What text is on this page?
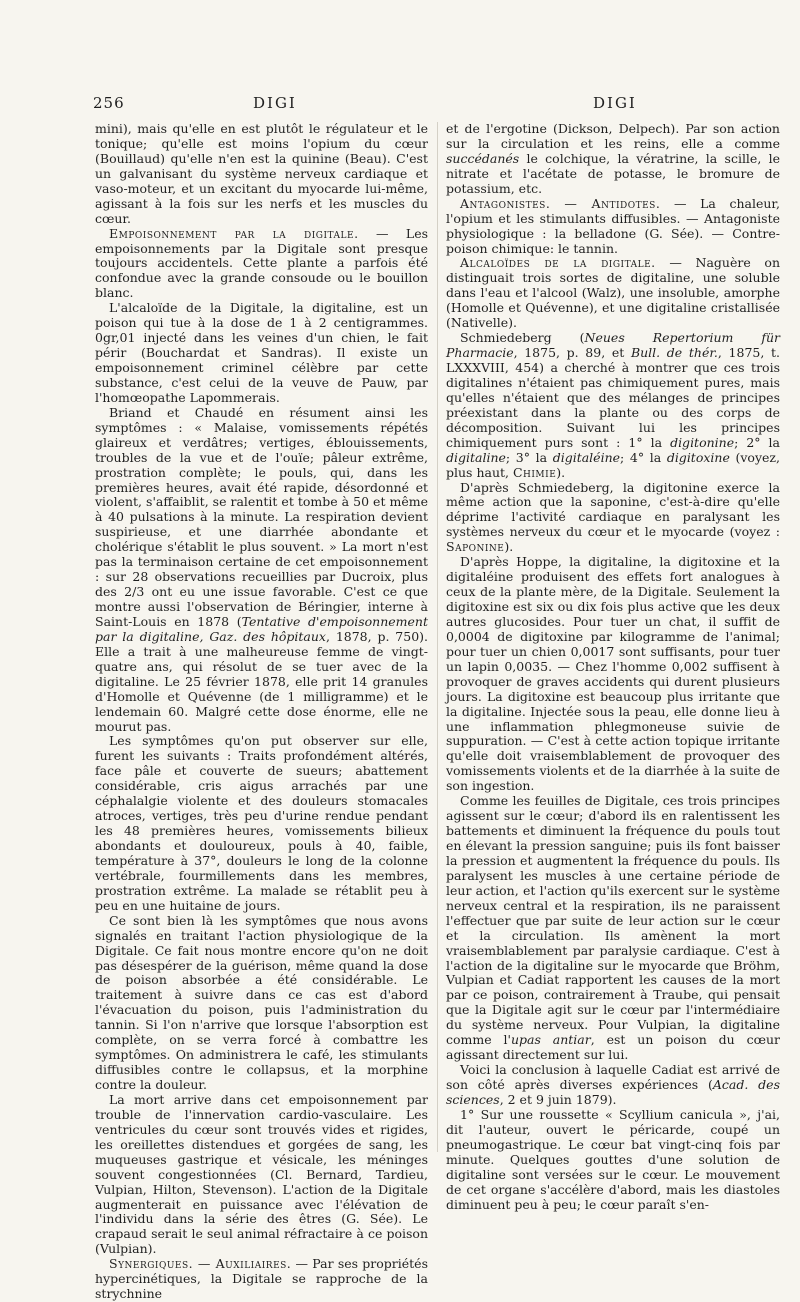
256	DIGI	DIGI

mini), mais qu'elle en est plutôt le régulateur et le tonique; qu'elle est moins l'opium du cœur (Bouillaud) qu'elle n'en est la quinine (Beau). C'est un galvanisant du système nerveux cardiaque et vaso-moteur, et un excitant du myocarde lui-même, agissant à la fois sur les nerfs et les muscles du cœur.

Empoisonnement par la digitale. — Les empoisonnements par la Digitale sont presque toujours accidentels. Cette plante a parfois été confondue avec la grande consoude ou le bouillon blanc.

L'alcaloïde de la Digitale, la digitaline, est un poison qui tue à la dose de 1 à 2 centigrammes. 0gr,01 injecté dans les veines d'un chien, le fait périr (Bouchardat et Sandras). Il existe un empoisonnement criminel célèbre par cette substance, c'est celui de la veuve de Pauw, par l'homœopathe Lapommerais.

Briand et Chaudé en résument ainsi les symptômes : « Malaise, vomissements répétés glaireux et verdâtres; vertiges, éblouissements, troubles de la vue et de l'ouïe; pâleur extrême, prostration complète; le pouls, qui, dans les premières heures, avait été rapide, désordonné et violent, s'affaiblit, se ralentit et tombe à 50 et même à 40 pulsations à la minute. La respiration devient suspirieuse, et une diarrhée abondante et cholérique s'établit le plus souvent. » La mort n'est pas la terminaison certaine de cet empoisonnement : sur 28 observations recueillies par Ducroix, plus des 2/3 ont eu une issue favorable. C'est ce que montre aussi l'observation de Béringier, interne à Saint-Louis en 1878 (Tentative d'empoisonnement par la digitaline, Gaz. des hôpitaux, 1878, p. 750). Elle a trait à une malheureuse femme de vingt-quatre ans, qui résolut de se tuer avec de la digitaline. Le 25 février 1878, elle prit 14 granules d'Homolle et Quévenne (de 1 milligramme) et le lendemain 60. Malgré cette dose énorme, elle ne mourut pas.

Les symptômes qu'on put observer sur elle, furent les suivants : Traits profondément altérés, face pâle et couverte de sueurs; abattement considérable, cris aigus arrachés par une céphalalgie violente et des douleurs stomacales atroces, vertiges, très peu d'urine rendue pendant les 48 premières heures, vomissements bilieux abondants et douloureux, pouls à 40, faible, température à 37°, douleurs le long de la colonne vertébrale, fourmillements dans les membres, prostration extrême. La malade se rétablit peu à peu en une huitaine de jours.

Ce sont bien là les symptômes que nous avons signalés en traitant l'action physiologique de la Digitale. Ce fait nous montre encore qu'on ne doit pas désespérer de la guérison, même quand la dose de poison absorbée a été considérable. Le traitement à suivre dans ce cas est d'abord l'évacuation du poison, puis l'administration du tannin. Si l'on n'arrive que lorsque l'absorption est complète, on se verra forcé à combattre les symptômes. On administrera le café, les stimulants diffusibles contre le collapsus, et la morphine contre la douleur.

La mort arrive dans cet empoisonnement par trouble de l'innervation cardio-vasculaire. Les ventricules du cœur sont trouvés vides et rigides, les oreillettes distendues et gorgées de sang, les muqueuses gastrique et vésicale, les méninges souvent congestionnées (Cl. Bernard, Tardieu, Vulpian, Hilton, Stevenson). L'action de la Digitale augmenterait en puissance avec l'élévation de l'individu dans la série des êtres (G. Sée). Le crapaud serait le seul animal réfractaire à ce poison (Vulpian).

Synergiques. — Auxiliaires. — Par ses propriétés hypercinétiques, la Digitale se rapproche de la strychnine

et de l'ergotine (Dickson, Delpech). Par son action sur la circulation et les reins, elle a comme succédanés le colchique, la vératrine, la scille, le nitrate et l'acétate de potasse, le bromure de potassium, etc.

Antagonistes. — Antidotes. — La chaleur, l'opium et les stimulants diffusibles. — Antagoniste physiologique : la belladone (G. Sée). — Contre-poison chimique: le tannin.

Alcaloïdes de la digitale. — Naguère on distinguait trois sortes de digitaline, une soluble dans l'eau et l'alcool (Walz), une insoluble, amorphe (Homolle et Quévenne), et une digitaline cristallisée (Nativelle).

Schmiedeberg (Neues Repertorium für Pharmacie, 1875, p. 89, et Bull. de thér., 1875, t. LXXXVIII, 454) a cherché à montrer que ces trois digitalines n'étaient pas chimiquement pures, mais qu'elles n'étaient que des mélanges de principes préexistant dans la plante ou des corps de décomposition. Suivant lui les principes chimiquement purs sont : 1° la digitonine; 2° la digitaline; 3° la digitaléine; 4° la digitoxine (voyez, plus haut, Chimie).

D'après Schmiedeberg, la digitonine exerce la même action que la saponine, c'est-à-dire qu'elle déprime l'activité cardiaque en paralysant les systèmes nerveux du cœur et le myocarde (voyez : Saponine).

D'après Hoppe, la digitaline, la digitoxine et la digitaléine produisent des effets fort analogues à ceux de la plante mère, de la Digitale. Seulement la digitoxine est six ou dix fois plus active que les deux autres glucosides. Pour tuer un chat, il suffit de 0,0004 de digitoxine par kilogramme de l'animal; pour tuer un chien 0,0017 sont suffisants, pour tuer un lapin 0,0035. — Chez l'homme 0,002 suffisent à provoquer de graves accidents qui durent plusieurs jours. La digitoxine est beaucoup plus irritante que la digitaline. Injectée sous la peau, elle donne lieu à une inflammation phlegmoneuse suivie de suppuration. — C'est à cette action topique irritante qu'elle doit vraisemblablement de provoquer des vomissements violents et de la diarrhée à la suite de son ingestion.

Comme les feuilles de Digitale, ces trois principes agissent sur le cœur; d'abord ils en ralentissent les battements et diminuent la fréquence du pouls tout en élevant la pression sanguine; puis ils font baisser la pression et augmentent la fréquence du pouls. Ils paralysent les muscles à une certaine période de leur action, et l'action qu'ils exercent sur le système nerveux central et la respiration, ils ne paraissent l'effectuer que par suite de leur action sur le cœur et la circulation. Ils amènent la mort vraisemblablement par paralysie cardiaque. C'est à l'action de la digitaline sur le myocarde que Bröhm, Vulpian et Cadiat rapportent les causes de la mort par ce poison, contrairement à Traube, qui pensait que la Digitale agit sur le cœur par l'intermédiaire du système nerveux. Pour Vulpian, la digitaline comme l'upas antiar, est un poison du cœur agissant directement sur lui.

Voici la conclusion à laquelle Cadiat est arrivé de son côté après diverses expériences (Acad. des sciences, 2 et 9 juin 1879).

1° Sur une roussette « Scyllium canicula », j'ai, dit l'auteur, ouvert le péricarde, coupé un pneumogastrique. Le cœur bat vingt-cinq fois par minute. Quelques gouttes d'une solution de digitaline sont versées sur le cœur. Le mouvement de cet organe s'accélère d'abord, mais les diastoles diminuent peu à peu; le cœur paraît s'en-
